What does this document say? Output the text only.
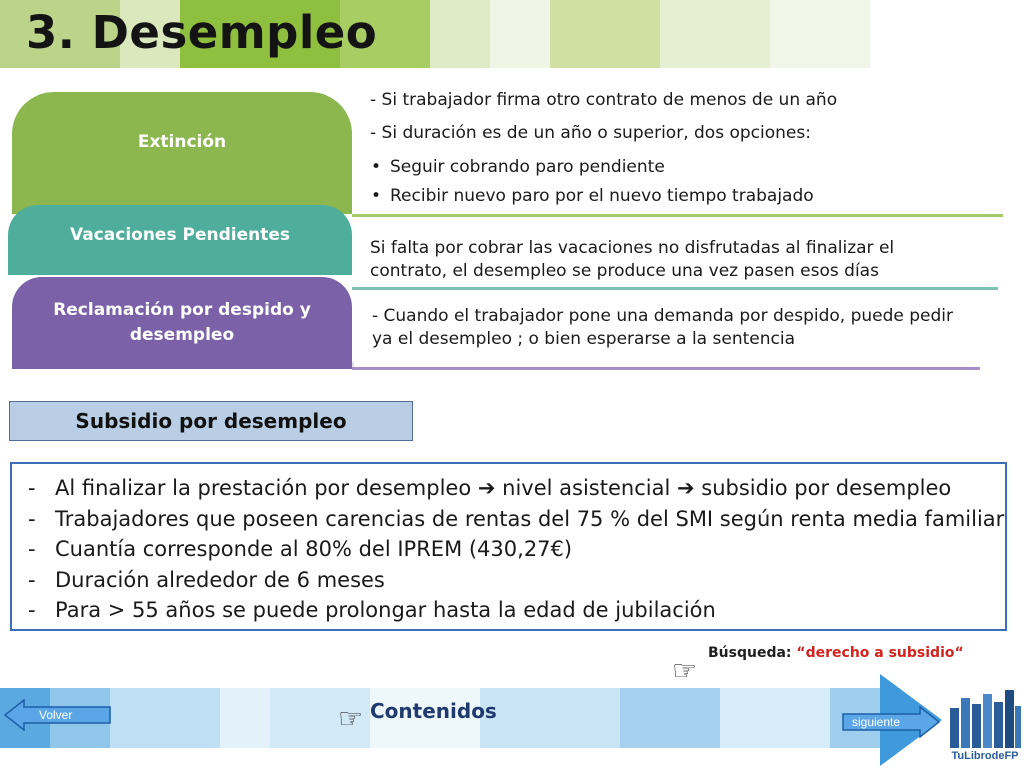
3. Desempleo
Extinción
Vacaciones Pendientes
Reclamación por despido y desempleo

- Si trabajador firma otro contrato de menos de un año

- Si duración es de un año o superior, dos opciones:

• Seguir cobrando paro pendiente

• Recibir nuevo paro por el nuevo tiempo trabajado

Si falta por cobrar las vacaciones no disfrutadas al finalizar el contrato, el desempleo se produce una vez pasen esos días
- Cuando el trabajador pone una demanda por despido, puede pedir ya el desempleo ; o bien esperarse a la sentencia
Subsidio por desempleo
- Al finalizar la prestación por desempleo ➔ nivel asistencial ➔ subsidio por desempleo
- Trabajadores que poseen carencias de rentas del 75 % del SMI según renta media familiar
- Cuantía corresponde al 80% del IPREM (430,27€)
- Duración alrededor de 6 meses
- Para > 55 años se puede prolongar hasta la edad de jubilación
☞
Búsqueda: “derecho a subsidio“
Volver	☞ Contenidos	siguiente
TuLibrodeFP
